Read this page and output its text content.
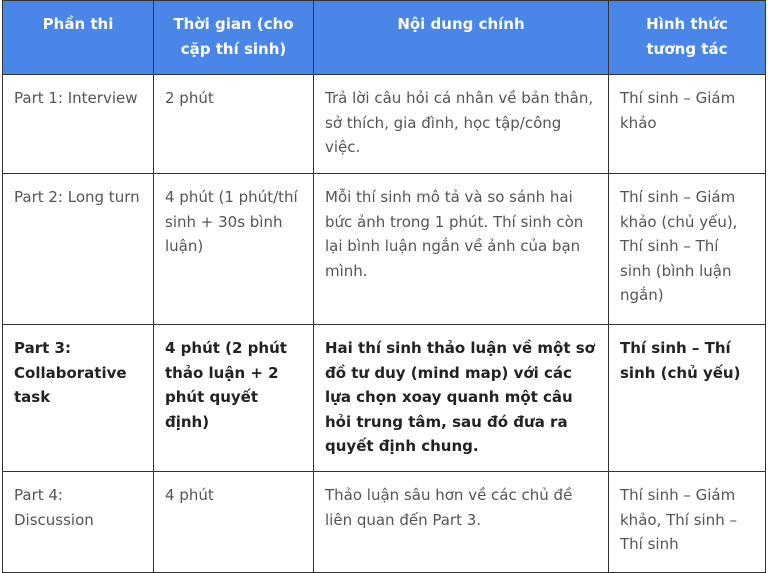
Phần thi	Thời gian (cho cặp thí sinh)	Nội dung chính	Hình thức tương tác
Part 1: Interview	2 phút	Trả lời câu hỏi cá nhân về bản thân, sở thích, gia đình, học tập/công việc.	Thí sinh – Giám khảo
Part 2: Long turn	4 phút (1 phút/thí sinh + 30s bình luận)	Mỗi thí sinh mô tả và so sánh hai bức ảnh trong 1 phút. Thí sinh còn lại bình luận ngắn về ảnh của bạn mình.	Thí sinh – Giám khảo (chủ yếu), Thí sinh – Thí sinh (bình luận ngắn)
Part 3: Collaborative task	4 phút (2 phút thảo luận + 2 phút quyết định)	Hai thí sinh thảo luận về một sơ đồ tư duy (mind map) với các lựa chọn xoay quanh một câu hỏi trung tâm, sau đó đưa ra quyết định chung.	Thí sinh – Thí sinh (chủ yếu)
Part 4: Discussion	4 phút	Thảo luận sâu hơn về các chủ đề liên quan đến Part 3.	Thí sinh – Giám khảo, Thí sinh – Thí sinh
